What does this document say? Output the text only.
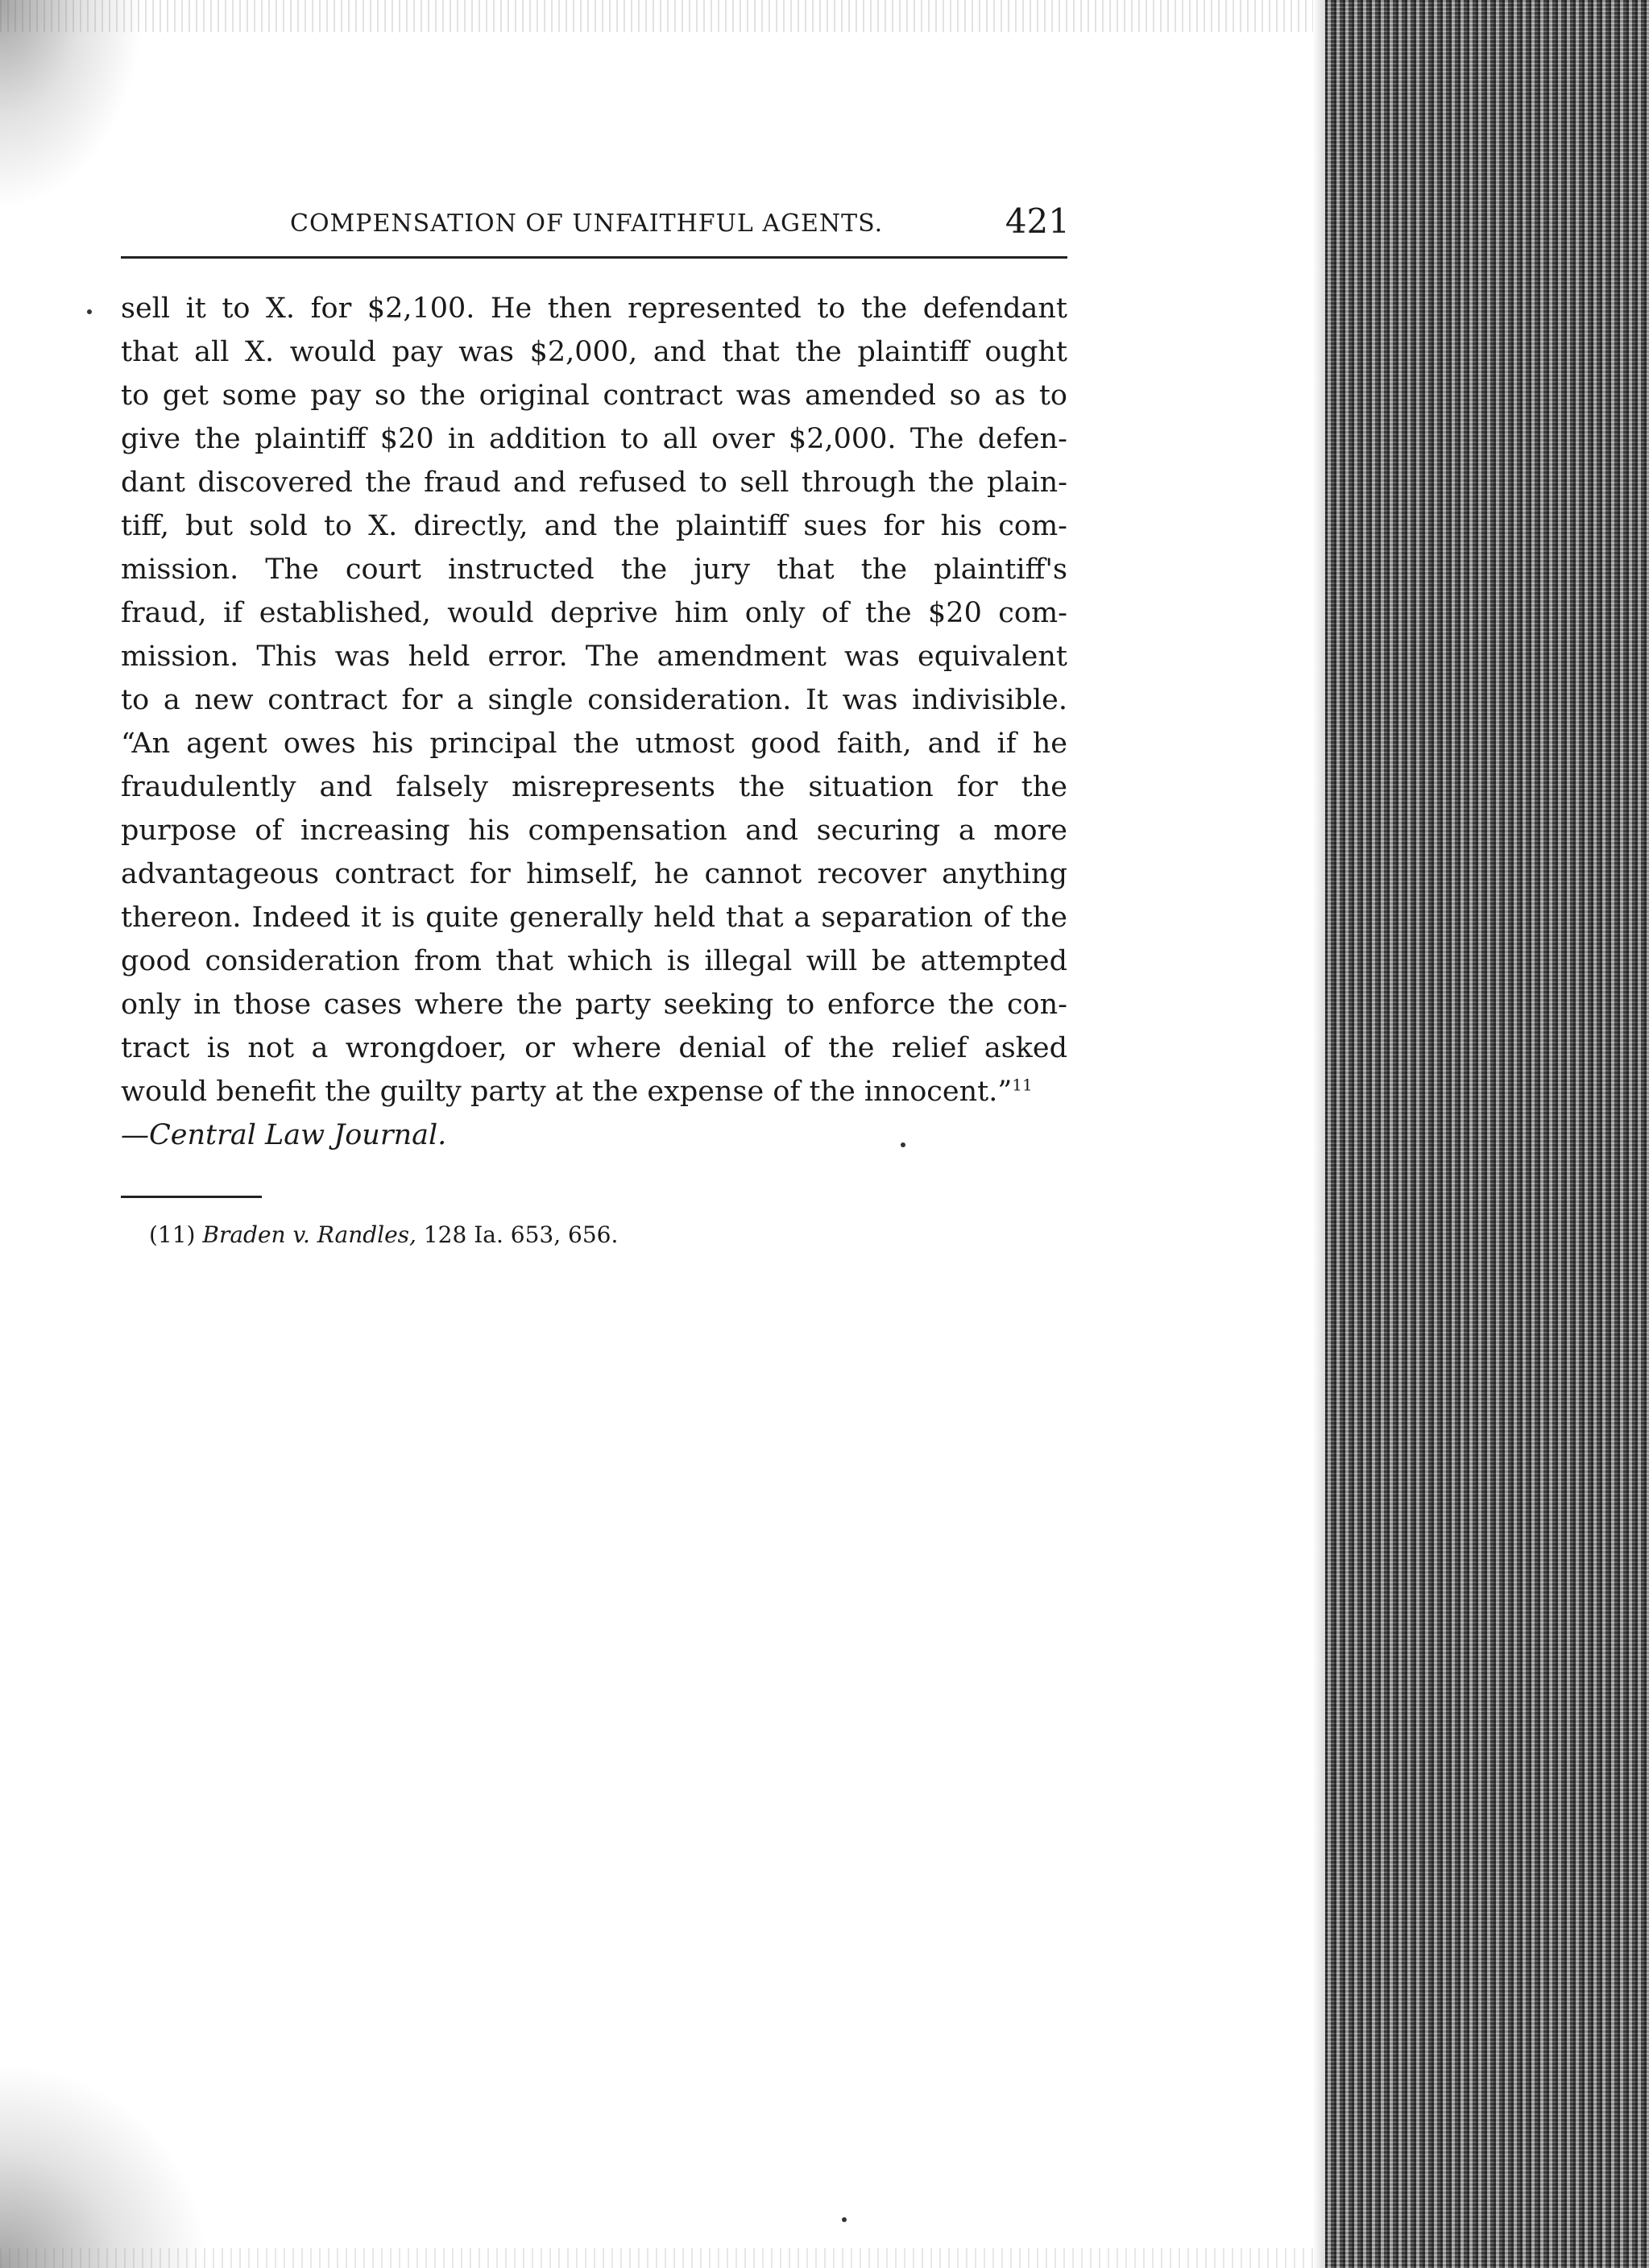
COMPENSATION OF UNFAITHFUL AGENTS.	421
sell it to X. for $2,100. He then represented to the defendant
that all X. would pay was $2,000, and that the plaintiff ought
to get some pay so the original contract was amended so as to
give the plaintiff $20 in addition to all over $2,000. The defen-
dant discovered the fraud and refused to sell through the plain-
tiff, but sold to X. directly, and the plaintiff sues for his com-
mission. The court instructed the jury that the plaintiff's
fraud, if established, would deprive him only of the $20 com-
mission. This was held error. The amendment was equivalent
to a new contract for a single consideration. It was indivisible.
“An agent owes his principal the utmost good faith, and if he
fraudulently and falsely misrepresents the situation for the
purpose of increasing his compensation and securing a more
advantageous contract for himself, he cannot recover anything
thereon. Indeed it is quite generally held that a separation of the
good consideration from that which is illegal will be attempted
only in those cases where the party seeking to enforce the con-
tract is not a wrongdoer, or where denial of the relief asked
would benefit the guilty party at the expense of the innocent.”$^{11}$
—Central Law Journal.
(11) Braden v. Randles, 128 Ia. 653, 656.
